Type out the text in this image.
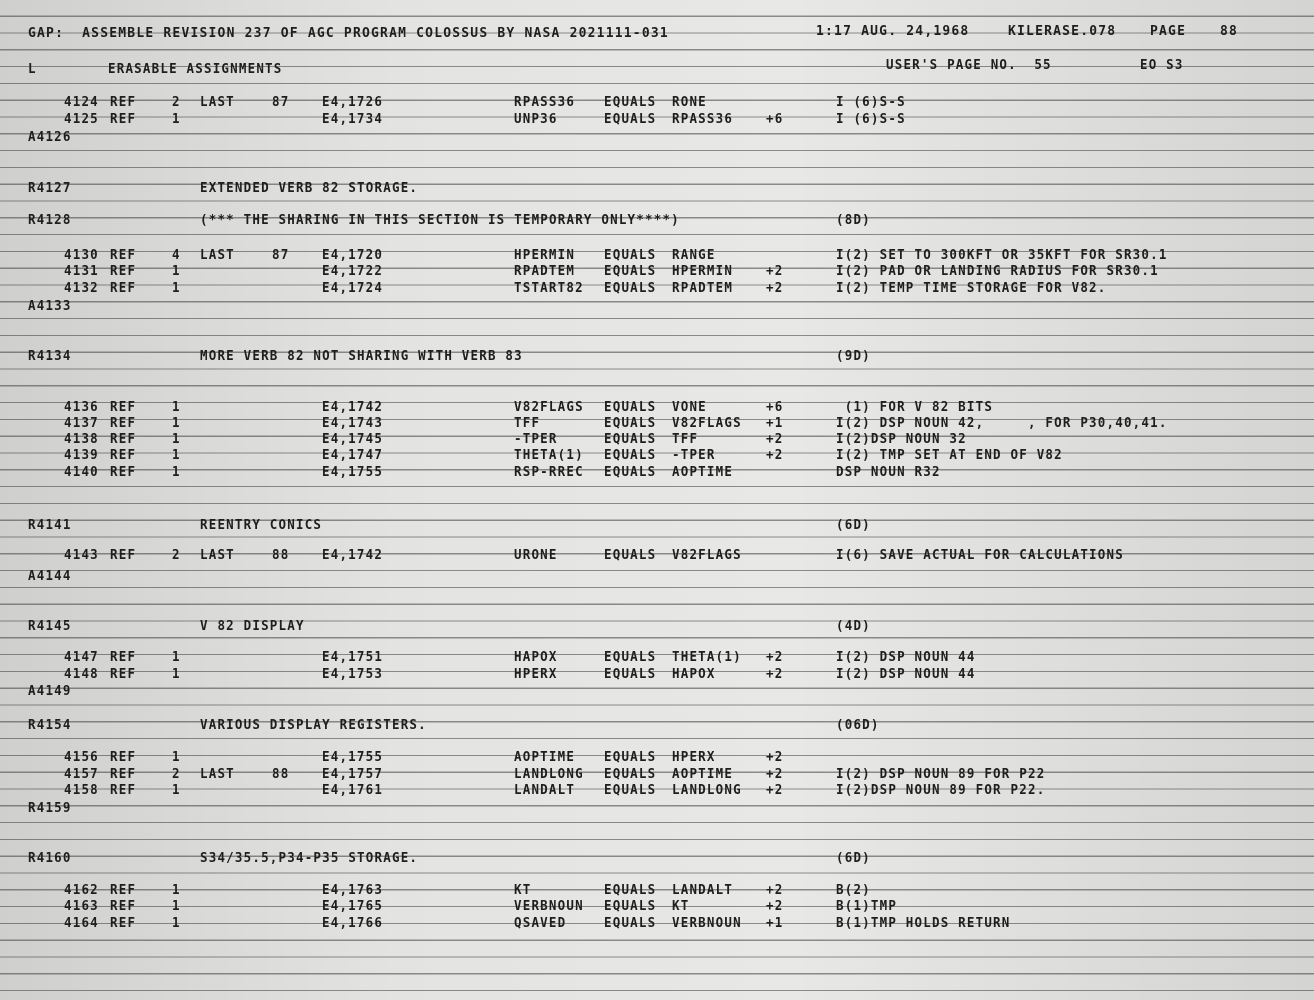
GAP:  ASSEMBLE REVISION 237 OF AGC PROGRAM COLOSSUS BY NASA 2021111-031	1:17 AUG. 24,1968	KILERASE.078	PAGE	88
L	ERASABLE ASSIGNMENTS	USER'S PAGE NO.  55	EO S3
4124 REF	2 LAST	87	E4,1726	RPASS36 EQUALS RONE	I (6)S-S
4125 REF	1	E4,1734	UNP36	EQUALS RPASS36	+6	I (6)S-S
A4126
R4127	EXTENDED VERB 82 STORAGE.
R4128	(*** THE SHARING IN THIS SECTION IS TEMPORARY ONLY****)	(8D)
4130 REF	4 LAST	87	E4,1720	HPERMIN EQUALS RANGE	I(2) SET TO 300KFT OR 35KFT FOR SR30.1
4131 REF	1	E4,1722	RPADTEM EQUALS HPERMIN	+2	I(2) PAD OR LANDING RADIUS FOR SR30.1
4132 REF	1	E4,1724	TSTART82 EQUALS RPADTEM	+2	I(2) TEMP TIME STORAGE FOR V82.
A4133
R4134	MORE VERB 82 NOT SHARING WITH VERB 83	(9D)
4136 REF	1	E4,1742	V82FLAGS EQUALS VONE	+6	(1) FOR V 82 BITS
4137 REF	1	E4,1743	TFF	EQUALS V82FLAGS +1	I(2) DSP NOUN 42,     , FOR P30,40,41.
4138 REF	1	E4,1745	-TPER	EQUALS TFF	+2	I(2)DSP NOUN 32
4139 REF	1	E4,1747	THETA(1) EQUALS -TPER	+2	I(2) TMP SET AT END OF V82
4140 REF	1	E4,1755	RSP-RREC EQUALS AOPTIME	DSP NOUN R32
R4141	REENTRY CONICS	(6D)
4143 REF	2 LAST	88	E4,1742	URONE	EQUALS V82FLAGS	I(6) SAVE ACTUAL FOR CALCULATIONS
A4144
R4145	V 82 DISPLAY	(4D)
4147 REF	1	E4,1751	HAPOX	EQUALS THETA(1) +2	I(2) DSP NOUN 44
4148 REF	1	E4,1753	HPERX	EQUALS HAPOX	+2	I(2) DSP NOUN 44
A4149
R4154	VARIOUS DISPLAY REGISTERS.	(06D)
4156 REF	1	E4,1755	AOPTIME EQUALS HPERX	+2
4157 REF	2 LAST	88	E4,1757	LANDLONG EQUALS AOPTIME	+2	I(2) DSP NOUN 89 FOR P22
4158 REF	1	E4,1761	LANDALT EQUALS LANDLONG +2	I(2)DSP NOUN 89 FOR P22.
R4159
R4160	S34/35.5,P34-P35 STORAGE.	(6D)
4162 REF	1	E4,1763	KT	EQUALS LANDALT	+2	B(2)
4163 REF	1	E4,1765	VERBNOUN EQUALS KT	+2	B(1)TMP
4164 REF	1	E4,1766	QSAVED	EQUALS VERBNOUN +1	B(1)TMP HOLDS RETURN
